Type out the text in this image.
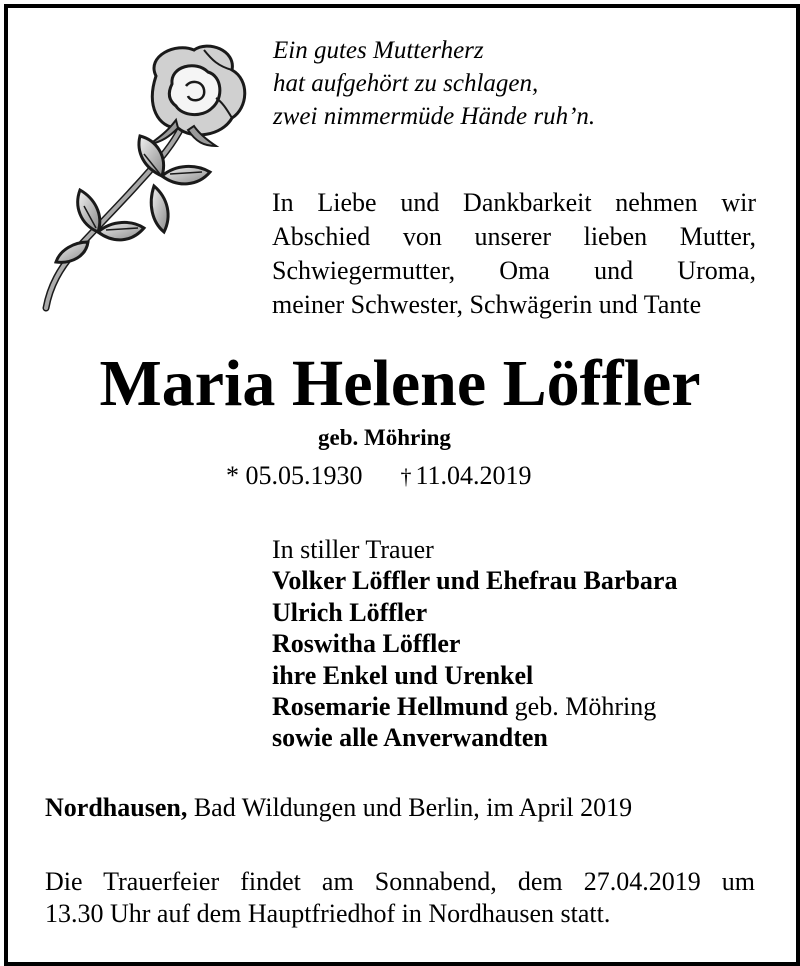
Ein gutes Mutterherz
hat aufgehört zu schlagen,
zwei nimmermüde Hände ruh’n.
In Liebe und Dankbarkeit nehmen wir
Abschied von unserer lieben Mutter,
Schwiegermutter, Oma und Uroma,
meiner Schwester, Schwägerin und Tante
Maria Helene Löffler
geb. Möhring
* 05.05.1930 † 11.04.2019
In stiller Trauer
Volker Löffler und Ehefrau Barbara
Ulrich Löffler
Roswitha Löffler
ihre Enkel und Urenkel
Rosemarie Hellmund geb. Möhring
sowie alle Anverwandten
Nordhausen, Bad Wildungen und Berlin, im April 2019
Die Trauerfeier findet am Sonnabend, dem 27.04.2019 um
13.30 Uhr auf dem Hauptfriedhof in Nordhausen statt.
